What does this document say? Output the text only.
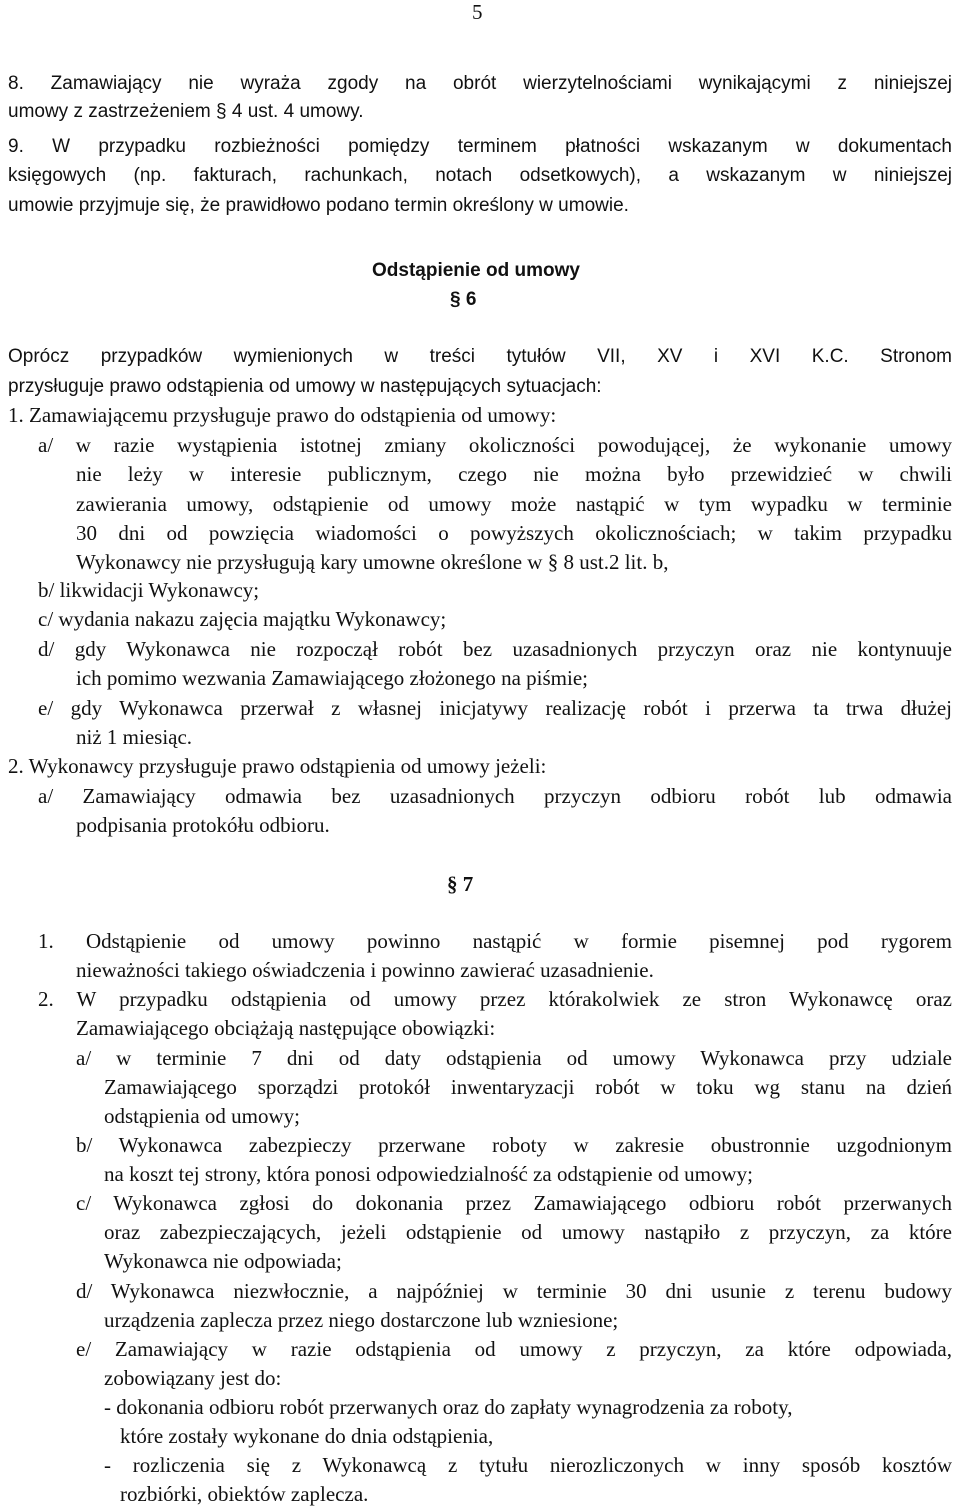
5
8. Zamawiający nie wyraża zgody na obrót wierzytelnościami wynikającymi z niniejszej
umowy z zastrzeżeniem § 4 ust. 4 umowy.
9. W przypadku rozbieżności pomiędzy terminem płatności wskazanym w dokumentach
księgowych (np. fakturach, rachunkach, notach odsetkowych), a wskazanym w niniejszej
umowie przyjmuje się, że prawidłowo podano termin określony w umowie.
Odstąpienie od umowy
§ 6
Oprócz przypadków wymienionych w treści tytułów VII, XV i XVI K.C. Stronom
przysługuje prawo odstąpienia od umowy w następujących sytuacjach:
1. Zamawiającemu przysługuje prawo do odstąpienia od umowy:
a/ w razie wystąpienia istotnej zmiany okoliczności powodującej, że wykonanie umowy
nie leży w interesie publicznym, czego nie można było przewidzieć w chwili
zawierania umowy, odstąpienie od umowy może nastąpić w tym wypadku w terminie
30 dni od powzięcia wiadomości o powyższych okolicznościach; w takim przypadku
Wykonawcy nie przysługują kary umowne określone w § 8 ust.2 lit. b,
b/ likwidacji Wykonawcy;
c/ wydania nakazu zajęcia majątku Wykonawcy;
d/ gdy Wykonawca nie rozpoczął robót bez uzasadnionych przyczyn oraz nie kontynuuje
ich pomimo wezwania Zamawiającego złożonego na piśmie;
e/ gdy Wykonawca przerwał z własnej inicjatywy realizację robót i przerwa ta trwa dłużej
niż 1 miesiąc.
2. Wykonawcy przysługuje prawo odstąpienia od umowy jeżeli:
a/ Zamawiający odmawia bez uzasadnionych przyczyn odbioru robót lub odmawia
podpisania protokółu odbioru.
§ 7
1. Odstąpienie od umowy powinno nastąpić w formie pisemnej pod rygorem
nieważności takiego oświadczenia i powinno zawierać uzasadnienie.
2. W przypadku odstąpienia od umowy przez którakolwiek ze stron Wykonawcę oraz
Zamawiającego obciążają następujące obowiązki:
a/ w terminie 7 dni od daty odstąpienia od umowy Wykonawca przy udziale
Zamawiającego sporządzi protokół inwentaryzacji robót w toku wg stanu na dzień
odstąpienia od umowy;
b/ Wykonawca zabezpieczy przerwane roboty w zakresie obustronnie uzgodnionym
na koszt tej strony, która ponosi odpowiedzialność za odstąpienie od umowy;
c/ Wykonawca zgłosi do dokonania przez Zamawiającego odbioru robót przerwanych
oraz zabezpieczających, jeżeli odstąpienie od umowy nastąpiło z przyczyn, za które
Wykonawca nie odpowiada;
d/ Wykonawca niezwłocznie, a najpóźniej w terminie 30 dni usunie z terenu budowy
urządzenia zaplecza przez niego dostarczone lub wzniesione;
e/ Zamawiający w razie odstąpienia od umowy z przyczyn, za które odpowiada,
zobowiązany jest do:
- dokonania odbioru robót przerwanych oraz do zapłaty wynagrodzenia za roboty,
które zostały wykonane do dnia odstąpienia,
- rozliczenia się z Wykonawcą z tytułu nierozliczonych w inny sposób kosztów
rozbiórki, obiektów zaplecza.
